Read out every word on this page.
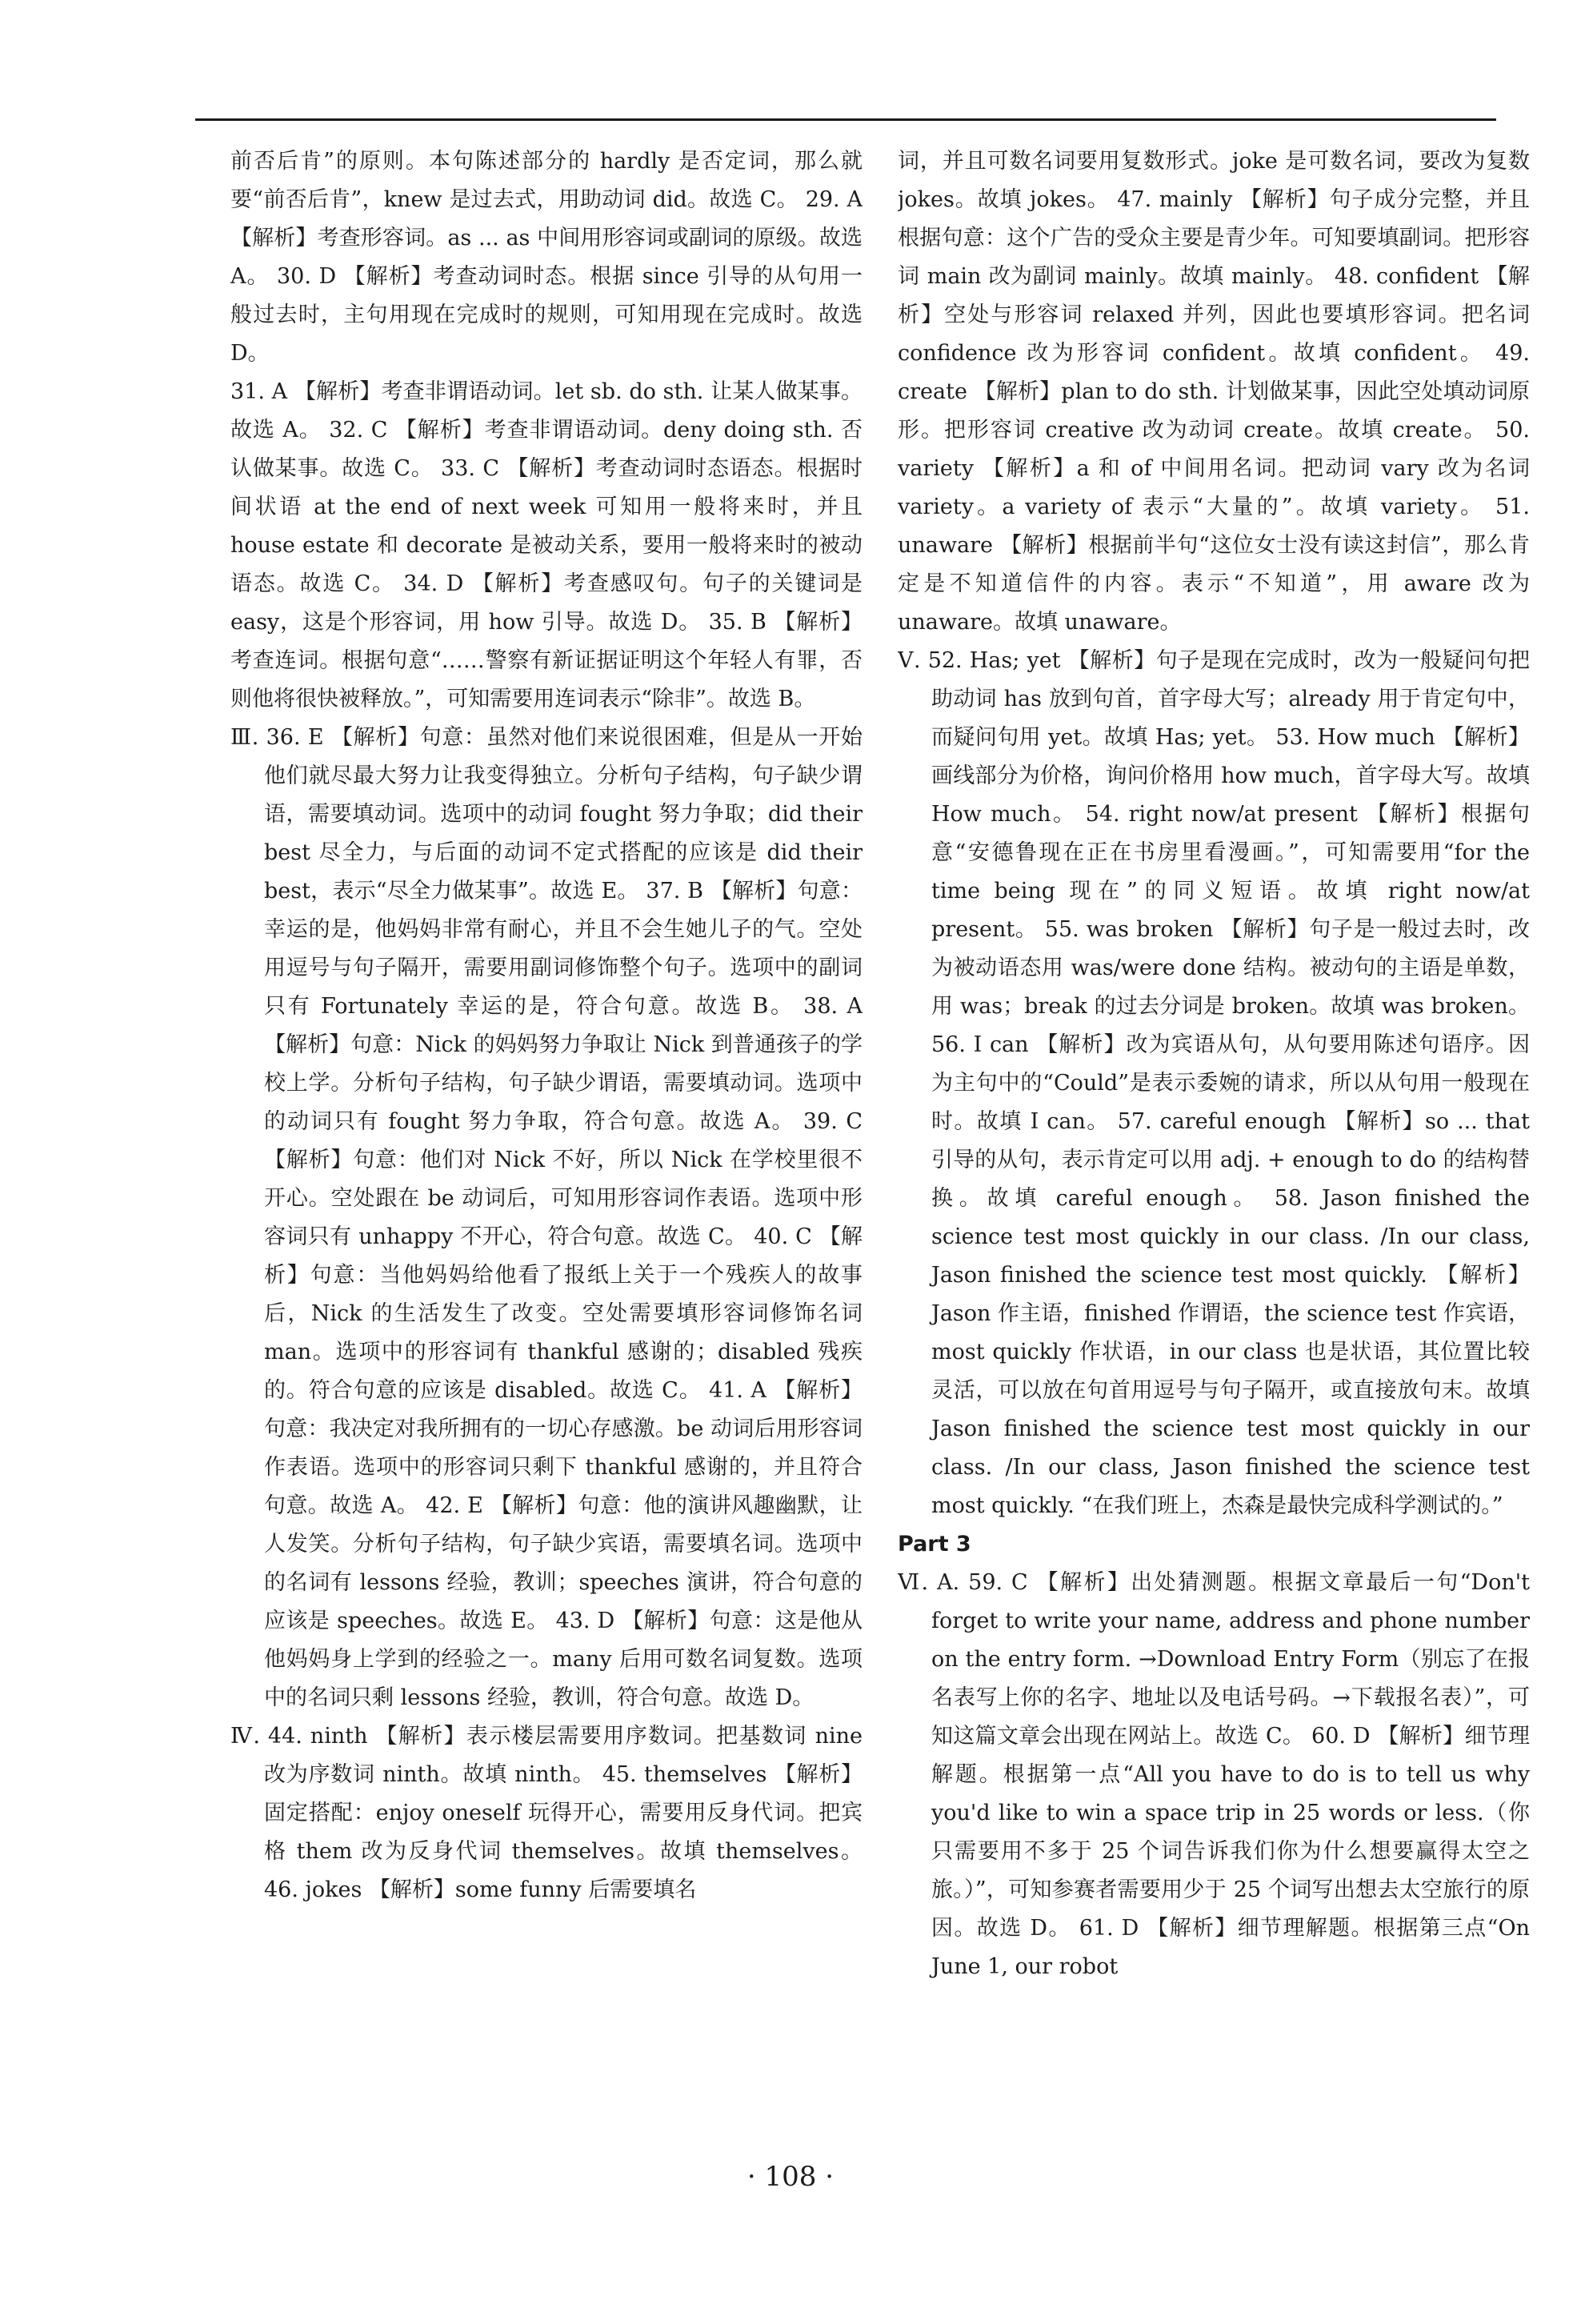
前否后肯”的原则。本句陈述部分的 hardly 是否定词，那么就要“前否后肯”，knew 是过去式，用助动词 did。故选 C。 29. A 【解析】考查形容词。as ... as 中间用形容词或副词的原级。故选 A。 30. D 【解析】考查动词时态。根据 since 引导的从句用一般过去时，主句用现在完成时的规则，可知用现在完成时。故选 D。

31. A 【解析】考查非谓语动词。let sb. do sth. 让某人做某事。故选 A。 32. C 【解析】考查非谓语动词。deny doing sth. 否认做某事。故选 C。 33. C 【解析】考查动词时态语态。根据时间状语 at the end of next week 可知用一般将来时，并且 house estate 和 decorate 是被动关系，要用一般将来时的被动语态。故选 C。 34. D 【解析】考查感叹句。句子的关键词是 easy，这是个形容词，用 how 引导。故选 D。 35. B 【解析】考查连词。根据句意“……警察有新证据证明这个年轻人有罪，否则他将很快被释放。”，可知需要用连词表示“除非”。故选 B。

Ⅲ. 36. E 【解析】句意：虽然对他们来说很困难，但是从一开始他们就尽最大努力让我变得独立。分析句子结构，句子缺少谓语，需要填动词。选项中的动词 fought 努力争取；did their best 尽全力，与后面的动词不定式搭配的应该是 did their best，表示“尽全力做某事”。故选 E。 37. B 【解析】句意：幸运的是，他妈妈非常有耐心，并且不会生她儿子的气。空处用逗号与句子隔开，需要用副词修饰整个句子。选项中的副词只有 Fortunately 幸运的是，符合句意。故选 B。 38. A 【解析】句意：Nick 的妈妈努力争取让 Nick 到普通孩子的学校上学。分析句子结构，句子缺少谓语，需要填动词。选项中的动词只有 fought 努力争取，符合句意。故选 A。 39. C 【解析】句意：他们对 Nick 不好，所以 Nick 在学校里很不开心。空处跟在 be 动词后，可知用形容词作表语。选项中形容词只有 unhappy 不开心，符合句意。故选 C。 40. C 【解析】句意：当他妈妈给他看了报纸上关于一个残疾人的故事后，Nick 的生活发生了改变。空处需要填形容词修饰名词 man。选项中的形容词有 thankful 感谢的；disabled 残疾的。符合句意的应该是 disabled。故选 C。 41. A 【解析】句意：我决定对我所拥有的一切心存感激。be 动词后用形容词作表语。选项中的形容词只剩下 thankful 感谢的，并且符合句意。故选 A。 42. E 【解析】句意：他的演讲风趣幽默，让人发笑。分析句子结构，句子缺少宾语，需要填名词。选项中的名词有 lessons 经验，教训；speeches 演讲，符合句意的应该是 speeches。故选 E。 43. D 【解析】句意：这是他从他妈妈身上学到的经验之一。many 后用可数名词复数。选项中的名词只剩 lessons 经验，教训，符合句意。故选 D。

Ⅳ. 44. ninth 【解析】表示楼层需要用序数词。把基数词 nine 改为序数词 ninth。故填 ninth。 45. themselves 【解析】固定搭配：enjoy oneself 玩得开心，需要用反身代词。把宾格 them 改为反身代词 themselves。故填 themselves。 46. jokes 【解析】some funny 后需要填名

词，并且可数名词要用复数形式。joke 是可数名词，要改为复数 jokes。故填 jokes。 47. mainly 【解析】句子成分完整，并且根据句意：这个广告的受众主要是青少年。可知要填副词。把形容词 main 改为副词 mainly。故填 mainly。 48. confident 【解析】空处与形容词 relaxed 并列，因此也要填形容词。把名词 confidence 改为形容词 confident。故填 confident。 49. create 【解析】plan to do sth. 计划做某事，因此空处填动词原形。把形容词 creative 改为动词 create。故填 create。 50. variety 【解析】a 和 of 中间用名词。把动词 vary 改为名词 variety。a variety of 表示“大量的”。故填 variety。 51. unaware 【解析】根据前半句“这位女士没有读这封信”，那么肯定是不知道信件的内容。表示“不知道”，用 aware 改为 unaware。故填 unaware。

Ⅴ. 52. Has; yet 【解析】句子是现在完成时，改为一般疑问句把助动词 has 放到句首，首字母大写；already 用于肯定句中，而疑问句用 yet。故填 Has; yet。 53. How much 【解析】画线部分为价格，询问价格用 how much，首字母大写。故填 How much。 54. right now/at present 【解析】根据句意“安德鲁现在正在书房里看漫画。”，可知需要用“for the time being 现在”的同义短语。故填 right now/at present。 55. was broken 【解析】句子是一般过去时，改为被动语态用 was/were done 结构。被动句的主语是单数，用 was；break 的过去分词是 broken。故填 was broken。 56. I can 【解析】改为宾语从句，从句要用陈述句语序。因为主句中的“Could”是表示委婉的请求，所以从句用一般现在时。故填 I can。 57. careful enough 【解析】so ... that 引导的从句，表示肯定可以用 adj. + enough to do 的结构替换。故填 careful enough。 58. Jason finished the science test most quickly in our class. /In our class, Jason finished the science test most quickly. 【解析】Jason 作主语，finished 作谓语，the science test 作宾语，most quickly 作状语，in our class 也是状语，其位置比较灵活，可以放在句首用逗号与句子隔开，或直接放句末。故填 Jason finished the science test most quickly in our class. /In our class, Jason finished the science test most quickly. “在我们班上，杰森是最快完成科学测试的。”

Part 3

Ⅵ. A. 59. C 【解析】出处猜测题。根据文章最后一句“Don't forget to write your name, address and phone number on the entry form. →Download Entry Form（别忘了在报名表写上你的名字、地址以及电话号码。→下载报名表）”，可知这篇文章会出现在网站上。故选 C。 60. D 【解析】细节理解题。根据第一点“All you have to do is to tell us why you'd like to win a space trip in 25 words or less.（你只需要用不多于 25 个词告诉我们你为什么想要赢得太空之旅。）”，可知参赛者需要用少于 25 个词写出想去太空旅行的原因。故选 D。 61. D 【解析】细节理解题。根据第三点“On June 1, our robot

· 108 ·
